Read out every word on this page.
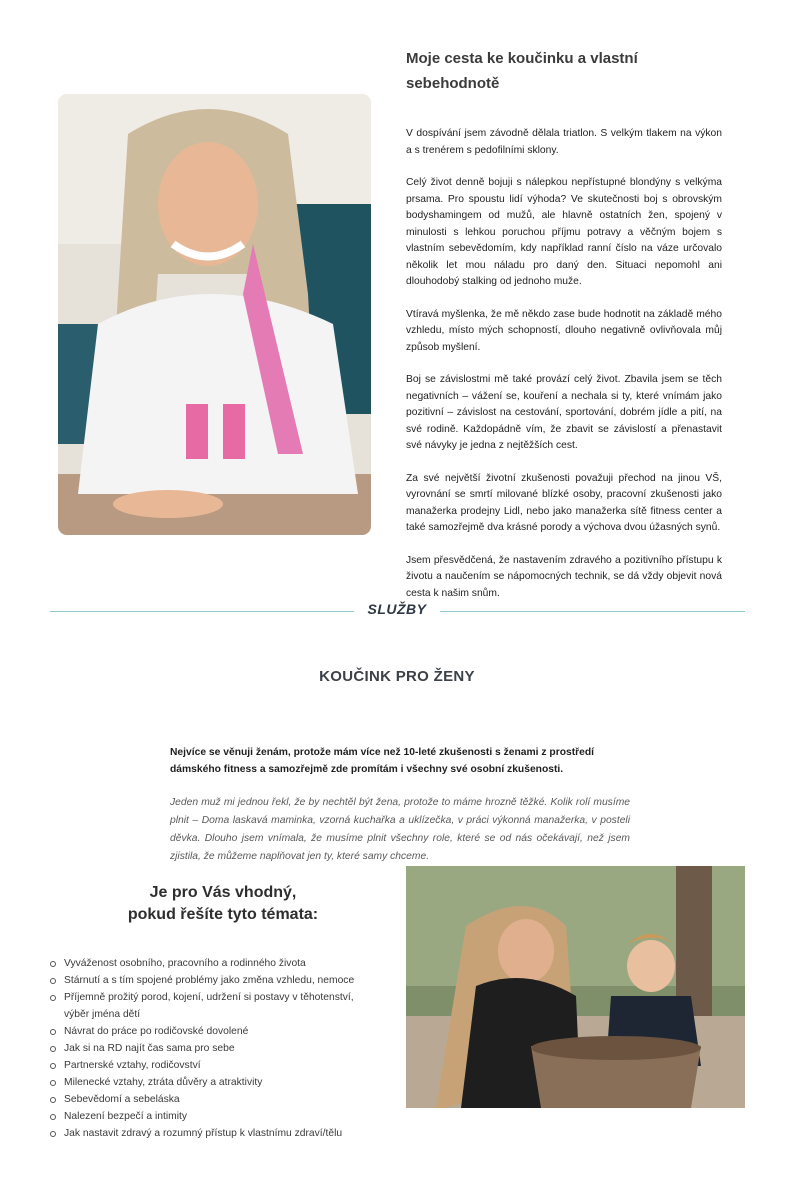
Moje cesta ke koučinku a vlastní sebehodnotě

V dospívání jsem závodně dělala triatlon. S velkým tlakem na výkon a s trenérem s pedofilními sklony.

Celý život denně bojuji s nálepkou nepřístupné blondýny s velkýma prsama. Pro spoustu lidí výhoda? Ve skutečnosti boj s obrovským bodyshamingem od mužů, ale hlavně ostatních žen, spojený v minulosti s lehkou poruchou příjmu potravy a věčným bojem s vlastním sebevědomím, kdy například ranní číslo na váze určovalo několik let mou náladu pro daný den. Situaci nepomohl ani dlouhodobý stalking od jednoho muže.

Vtíravá myšlenka, že mě někdo zase bude hodnotit na základě mého vzhledu, místo mých schopností, dlouho negativně ovlivňovala můj způsob myšlení.

Boj se závislostmi mě také provází celý život. Zbavila jsem se těch negativních – vážení se, kouření a nechala si ty, které vnímám jako pozitivní – závislost na cestování, sportování, dobrém jídle a pití, na své rodině. Každopádně vím, že zbavit se závislostí a přenastavit své návyky je jedna z nejtěžších cest.

Za své největší životní zkušenosti považuji přechod na jinou VŠ, vyrovnání se smrtí milované blízké osoby, pracovní zkušenosti jako manažerka prodejny Lidl, nebo jako manažerka sítě fitness center a také samozřejmě dva krásné porody a výchova dvou úžasných synů.

Jsem přesvědčená, že nastavením zdravého a pozitivního přístupu k životu a naučením se nápomocných technik, se dá vždy objevit nová cesta k našim snům.

SLUŽBY
KOUČINK PRO ŽENY
Nejvíce se věnuji ženám, protože mám více než 10-leté zkušenosti s ženami z prostředí dámského fitness a samozřejmě zde promítám i všechny své osobní zkušenosti.
Jeden muž mi jednou řekl, že by nechtěl být žena, protože to máme hrozně těžké. Kolik rolí musíme plnit – Doma laskavá maminka, vzorná kuchařka a uklízečka, v práci výkonná manažerka, v posteli děvka. Dlouho jsem vnímala, že musíme plnit všechny role, které se od nás očekávají, než jsem zjistila, že můžeme naplňovat jen ty, které samy chceme.
Je pro Vás vhodný,
pokud řešíte tyto témata:
Vyváženost osobního, pracovního a rodinného života
Stárnutí a s tím spojené problémy jako změna vzhledu, nemoce
Příjemně prožitý porod, kojení, udržení si postavy v těhotenství, výběr jména dětí
Návrat do práce po rodičovské dovolené
Jak si na RD najít čas sama pro sebe
Partnerské vztahy, rodičovství
Milenecké vztahy, ztráta důvěry a atraktivity
Sebevědomí a sebeláska
Nalezení bezpečí a intimity
Jak nastavit zdravý a rozumný přístup k vlastnímu zdraví/tělu
